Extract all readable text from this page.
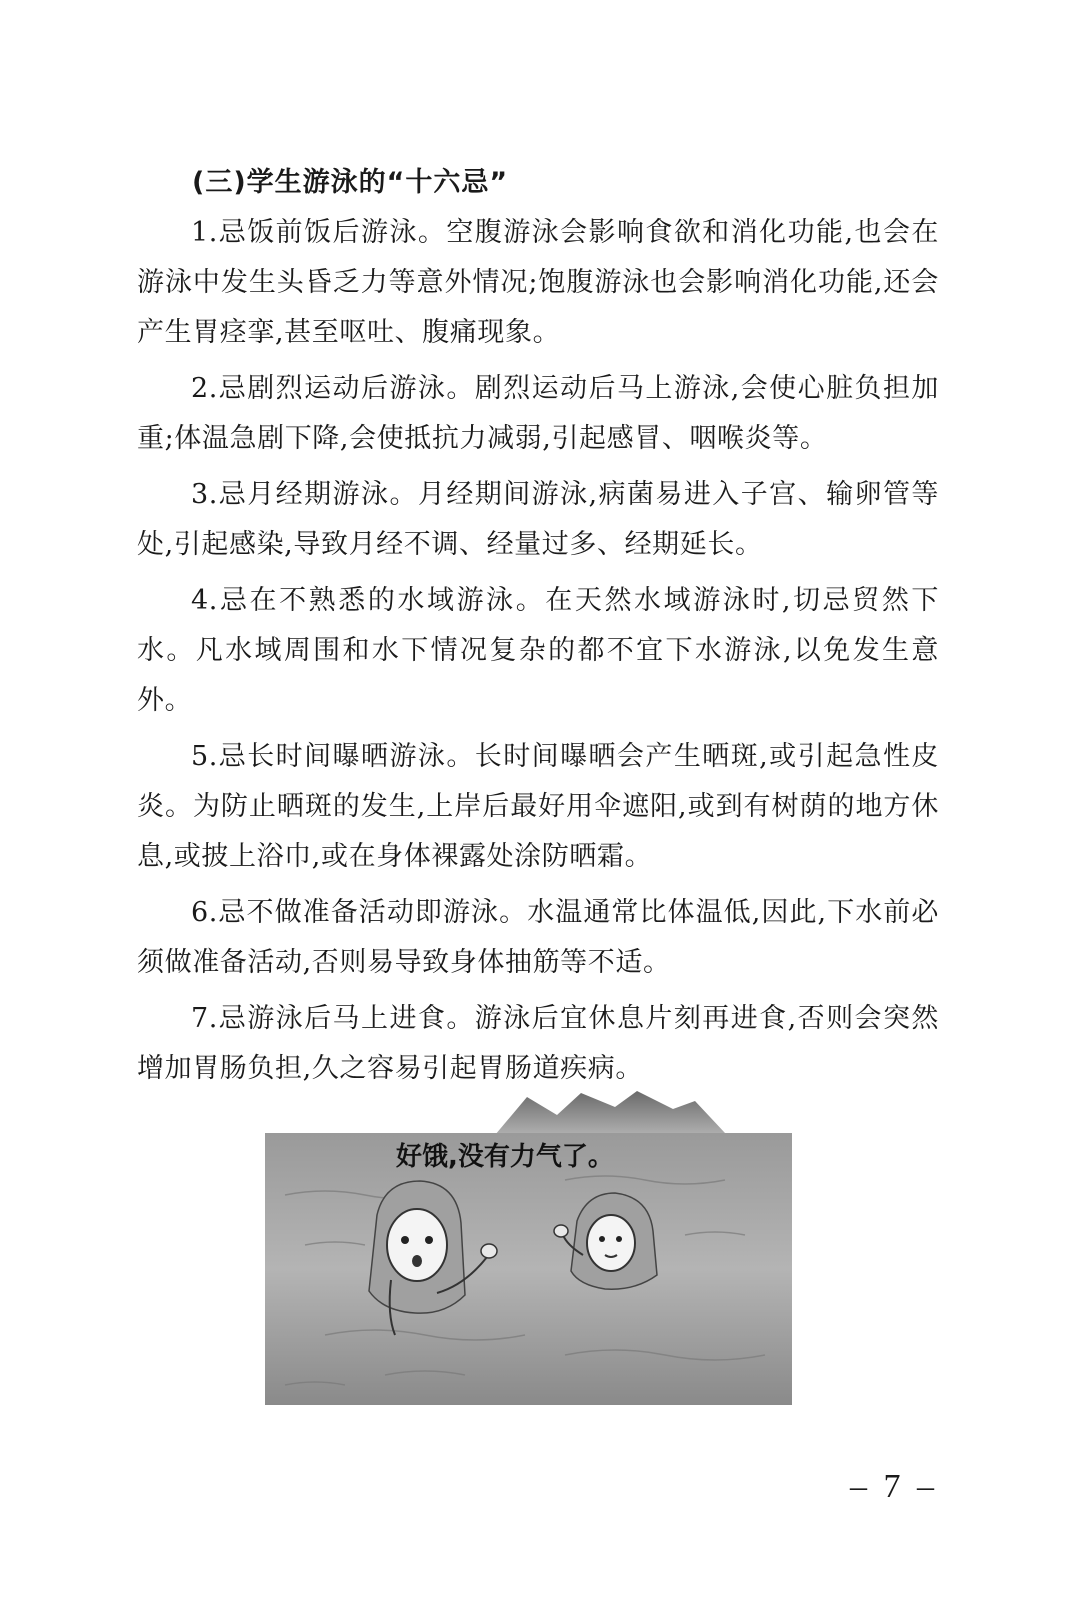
(三)学生游泳的“十六忌”

1.忌饭前饭后游泳。空腹游泳会影响食欲和消化功能,也会在游泳中发生头昏乏力等意外情况;饱腹游泳也会影响消化功能,还会产生胃痉挛,甚至呕吐、腹痛现象。

2.忌剧烈运动后游泳。剧烈运动后马上游泳,会使心脏负担加重;体温急剧下降,会使抵抗力减弱,引起感冒、咽喉炎等。

3.忌月经期游泳。月经期间游泳,病菌易进入子宫、输卵管等处,引起感染,导致月经不调、经量过多、经期延长。

4.忌在不熟悉的水域游泳。在天然水域游泳时,切忌贸然下水。凡水域周围和水下情况复杂的都不宜下水游泳,以免发生意外。

5.忌长时间曝晒游泳。长时间曝晒会产生晒斑,或引起急性皮炎。为防止晒斑的发生,上岸后最好用伞遮阳,或到有树荫的地方休息,或披上浴巾,或在身体裸露处涂防晒霜。

6.忌不做准备活动即游泳。水温通常比体温低,因此,下水前必须做准备活动,否则易导致身体抽筋等不适。

7.忌游泳后马上进食。游泳后宜休息片刻再进食,否则会突然增加胃肠负担,久之容易引起胃肠道疾病。

好饿,没有力气了。
– 7 –
